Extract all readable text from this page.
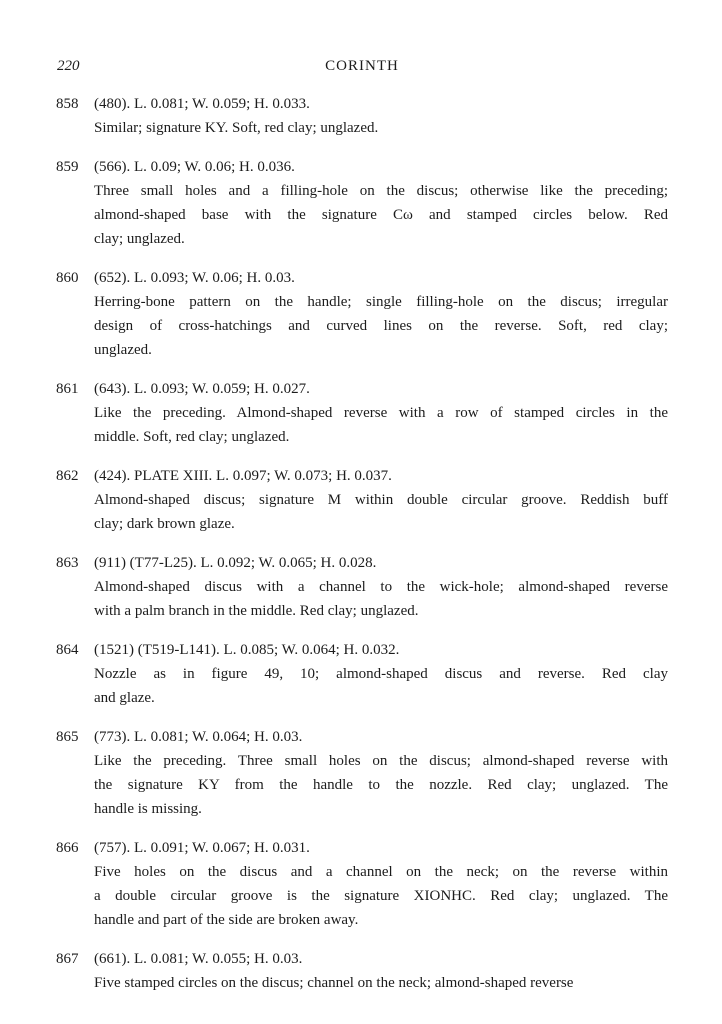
220	CORINTH
858	(480). L. 0.081; W. 0.059; H. 0.033.
Similar; signature KY. Soft, red clay; unglazed.
859	(566). L. 0.09; W. 0.06; H. 0.036.
Three small holes and a filling-hole on the discus; otherwise like the preceding;
almond-shaped base with the signature Cω and stamped circles below. Red
clay; unglazed.
860	(652). L. 0.093; W. 0.06; H. 0.03.
Herring-bone pattern on the handle; single filling-hole on the discus; irregular
design of cross-hatchings and curved lines on the reverse. Soft, red clay;
unglazed.
861	(643). L. 0.093; W. 0.059; H. 0.027.
Like the preceding. Almond-shaped reverse with a row of stamped circles in the
middle. Soft, red clay; unglazed.
862	(424). PLATE XIII. L. 0.097; W. 0.073; H. 0.037.
Almond-shaped discus; signature M within double circular groove. Reddish buff
clay; dark brown glaze.
863	(911) (T77-L25). L. 0.092; W. 0.065; H. 0.028.
Almond-shaped discus with a channel to the wick-hole; almond-shaped reverse
with a palm branch in the middle. Red clay; unglazed.
864	(1521) (T519-L141). L. 0.085; W. 0.064; H. 0.032.
Nozzle as in figure 49, 10; almond-shaped discus and reverse. Red clay
and glaze.
865	(773). L. 0.081; W. 0.064; H. 0.03.
Like the preceding. Three small holes on the discus; almond-shaped reverse with
the signature KY from the handle to the nozzle. Red clay; unglazed. The
handle is missing.
866	(757). L. 0.091; W. 0.067; H. 0.031.
Five holes on the discus and a channel on the neck; on the reverse within
a double circular groove is the signature XIONHC. Red clay; unglazed. The
handle and part of the side are broken away.
867	(661). L. 0.081; W. 0.055; H. 0.03.
Five stamped circles on the discus; channel on the neck; almond-shaped reverse
